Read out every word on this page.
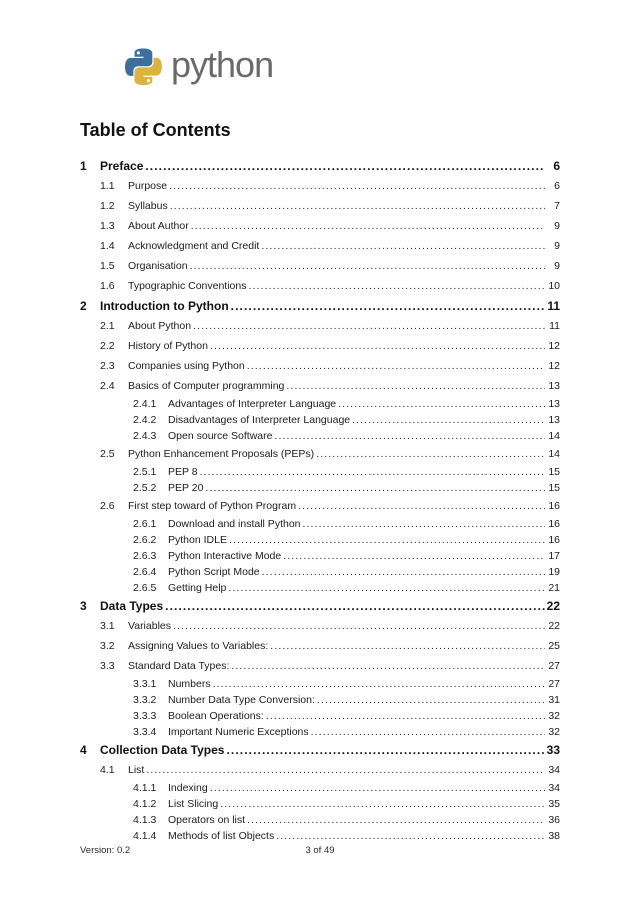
python
Table of Contents
1	Preface .....	6
1.1	Purpose .....	6
1.2	Syllabus .....	7
1.3	About Author .....	9
1.4	Acknowledgment and Credit .....	9
1.5	Organisation .....	9
1.6	Typographic Conventions .....	10
2	Introduction to Python .....	11
2.1	About Python .....	11
2.2	History of Python .....	12
2.3	Companies using Python .....	12
2.4	Basics of Computer programming .....	13
2.4.1	Advantages of Interpreter Language .....	13
2.4.2	Disadvantages of Interpreter Language .....	13
2.4.3	Open source Software .....	14
2.5	Python Enhancement Proposals (PEPs) .....	14
2.5.1	PEP 8 .....	15
2.5.2	PEP 20 .....	15
2.6	First step toward of Python Program .....	16
2.6.1	Download and install Python .....	16
2.6.2	Python IDLE .....	16
2.6.3	Python Interactive Mode .....	17
2.6.4	Python Script Mode .....	19
2.6.5	Getting Help .....	21
3	Data Types .....	22
3.1	Variables .....	22
3.2	Assigning Values to Variables: .....	25
3.3	Standard Data Types: .....	27
3.3.1	Numbers .....	27
3.3.2	Number Data Type Conversion: .....	31
3.3.3	Boolean Operations: .....	32
3.3.4	Important Numeric Exceptions .....	32
4	Collection Data Types .....	33
4.1	List .....	34
4.1.1	Indexing .....	34
4.1.2	List Slicing .....	35
4.1.3	Operators on list .....	36
4.1.4	Methods of list Objects .....	38
Version: 0.2	3 of 49
